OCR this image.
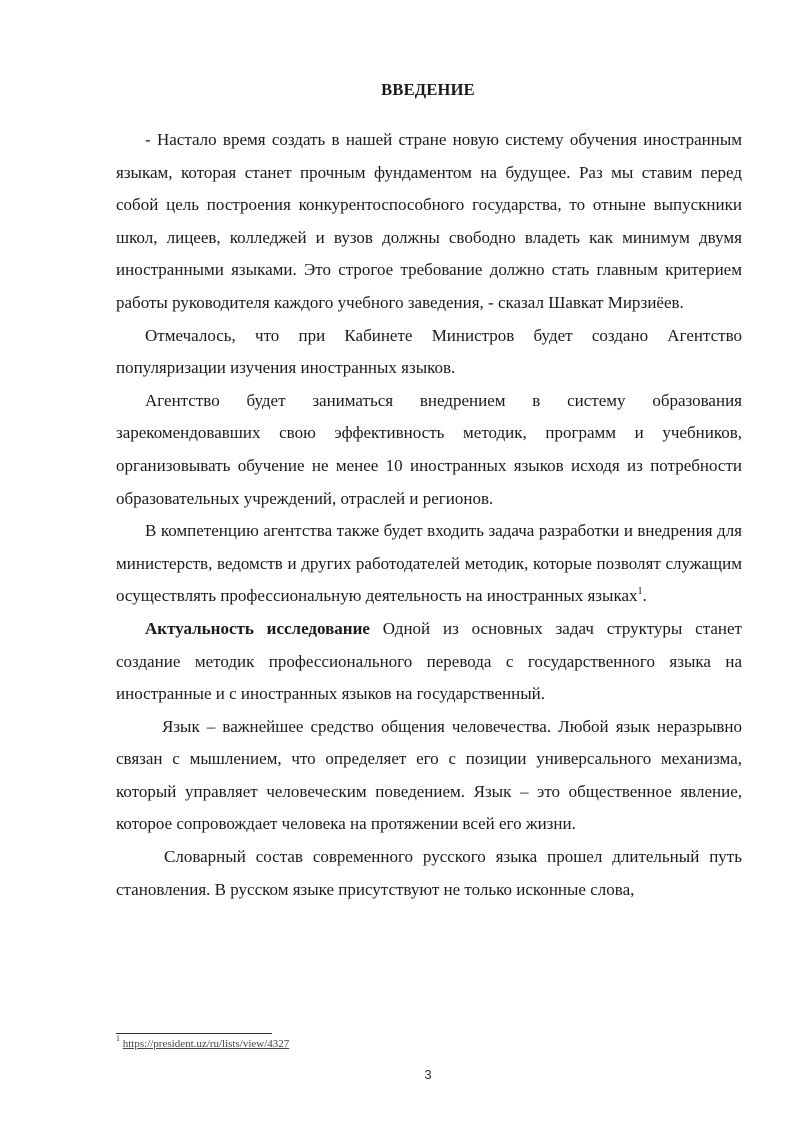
ВВЕДЕНИЕ

- Настало время создать в нашей стране новую систему обучения иностранным языкам, которая станет прочным фундаментом на будущее. Раз мы ставим перед собой цель построения конкурентоспособного государства, то отныне выпускники школ, лицеев, колледжей и вузов должны свободно владеть как минимум двумя иностранными языками. Это строгое требование должно стать главным критерием работы руководителя каждого учебного заведения, - сказал Шавкат Мирзиёев.

Отмечалось, что при Кабинете Министров будет создано Агентство популяризации изучения иностранных языков.

Агентство будет заниматься внедрением в систему образования зарекомендовавших свою эффективность методик, программ и учебников, организовывать обучение не менее 10 иностранных языков исходя из потребности образовательных учреждений, отраслей и регионов.

В компетенцию агентства также будет входить задача разработки и внедрения для министерств, ведомств и других работодателей методик, которые позволят служащим осуществлять профессиональную деятельность на иностранных языках$^1$.

Актуальность исследование Одной из основных задач структуры станет создание методик профессионального перевода с государственного языка на иностранные и с иностранных языков на государственный.

Язык – важнейшее средство общения человечества. Любой язык неразрывно связан с мышлением, что определяет его с позиции универсального механизма, который управляет человеческим поведением. Язык – это общественное явление, которое сопровождает человека на протяжении всей его жизни.

Словарный состав современного русского языка прошел длительный путь становления. В русском языке присутствуют не только исконные слова,

$^1$ https://president.uz/ru/lists/view/4327
3
